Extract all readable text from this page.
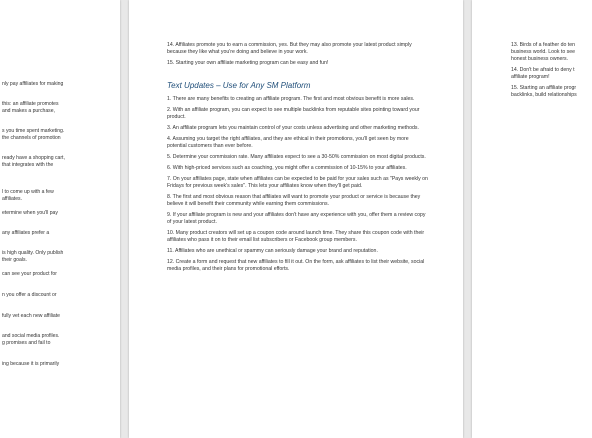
nly pay affiliates for making
this: an affiliate promotes
and makes a purchase,
s you time spent marketing.
the channels of promotion
ready have a shopping cart,
that integrates with the
l to come up with a few
affiliates.
etermine when you'll pay
any affiliates prefer a
is high quality. Only publish
their goals.
can see your product for
n you offer a discount or
fully vet each new affiliate
and social media profiles.
g promises and fail to
ing because it is primarily

14. Affiliates promote you to earn a commission, yes. But they may also promote your latest product simply because they like what you're doing and believe in your work.

15. Starting your own affiliate marketing program can be easy and fun!

Text Updates – Use for Any SM Platform

1. There are many benefits to creating an affiliate program. The first and most obvious benefit is more sales.

2. With an affiliate program, you can expect to see multiple backlinks from reputable sites pointing toward your product.

3. An affiliate program lets you maintain control of your costs unless advertising and other marketing methods.

4. Assuming you target the right affiliates, and they are ethical in their promotions, you'll get seen by more potential customers than ever before.

5. Determine your commission rate. Many affiliates expect to see a 30-50% commission on most digital products.

6. With high-priced services such as coaching, you might offer a commission of 10-15% to your affiliates.

7. On your affiliates page, state when affiliates can be expected to be paid for your sales such as "Pays weekly on Fridays for previous week's sales". This lets your affiliates know when they'll get paid.

8. The first and most obvious reason that affiliates will want to promote your product or service is because they believe it will benefit their community while earning them commissions.

9. If your affiliate program is new and your affiliates don't have any experience with you, offer them a review copy of your latest product.

10. Many product creators will set up a coupon code around launch time. They share this coupon code with their affiliates who pass it on to their email list subscribers or Facebook group members.

11. Affiliates who are unethical or spammy can seriously damage your brand and reputation.

12. Create a form and request that new affiliates to fill it out. On the form, ask affiliates to list their website, social media profiles, and their plans for promotional efforts.

13. Birds of a feather do ten
business world. Look to see
honest business owners.

14. Don't be afraid to deny t
affiliate program!

15. Starting an affiliate progr
backlinks, build relationships
